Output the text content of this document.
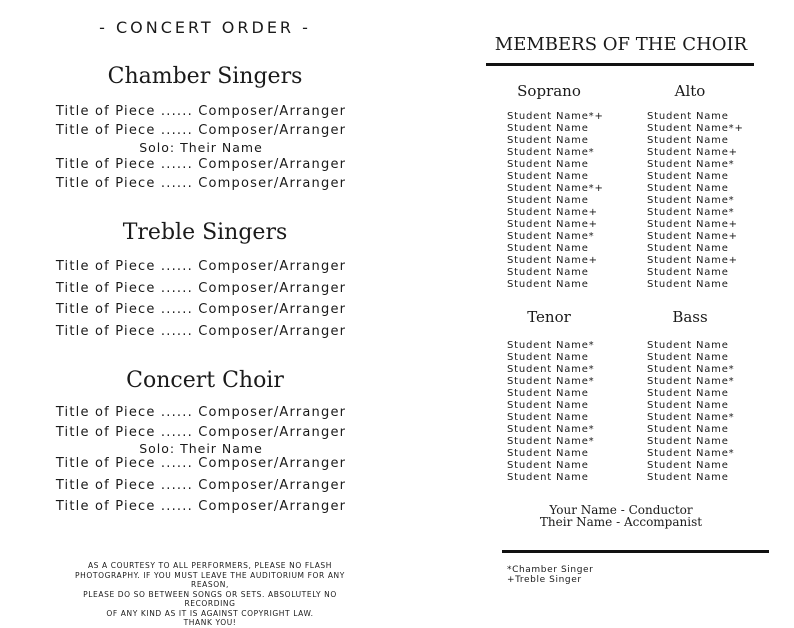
- CONCERT ORDER -
Chamber Singers
Title of Piece ...... Composer/Arranger
Title of Piece ...... Composer/Arranger
Solo: Their Name
Title of Piece ...... Composer/Arranger
Title of Piece ...... Composer/Arranger
Treble Singers
Title of Piece ...... Composer/Arranger
Title of Piece ...... Composer/Arranger
Title of Piece ...... Composer/Arranger
Title of Piece ...... Composer/Arranger
Concert Choir
Title of Piece ...... Composer/Arranger
Title of Piece ...... Composer/Arranger
Solo: Their Name
Title of Piece ...... Composer/Arranger
Title of Piece ...... Composer/Arranger
Title of Piece ...... Composer/Arranger
AS A COURTESY TO ALL PERFORMERS, PLEASE NO FLASH
PHOTOGRAPHY. IF YOU MUST LEAVE THE AUDITORIUM FOR ANY REASON,
PLEASE DO SO BETWEEN SONGS OR SETS. ABSOLUTELY NO RECORDING
OF ANY KIND AS IT IS AGAINST COPYRIGHT LAW.
THANK YOU!
MEMBERS OF THE CHOIR
Soprano	Alto
Student Name*+
Student Name
Student Name
Student Name*
Student Name
Student Name
Student Name*+
Student Name
Student Name+
Student Name+
Student Name*
Student Name
Student Name+
Student Name
Student Name
Student Name
Student Name*+
Student Name
Student Name+
Student Name*
Student Name
Student Name
Student Name*
Student Name*
Student Name+
Student Name+
Student Name
Student Name+
Student Name
Student Name
Tenor	Bass
Student Name*
Student Name
Student Name*
Student Name*
Student Name
Student Name
Student Name
Student Name*
Student Name*
Student Name
Student Name
Student Name
Student Name
Student Name
Student Name*
Student Name*
Student Name
Student Name
Student Name*
Student Name
Student Name
Student Name*
Student Name
Student Name
Your Name - Conductor
Their Name - Accompanist
*Chamber Singer
+Treble Singer
